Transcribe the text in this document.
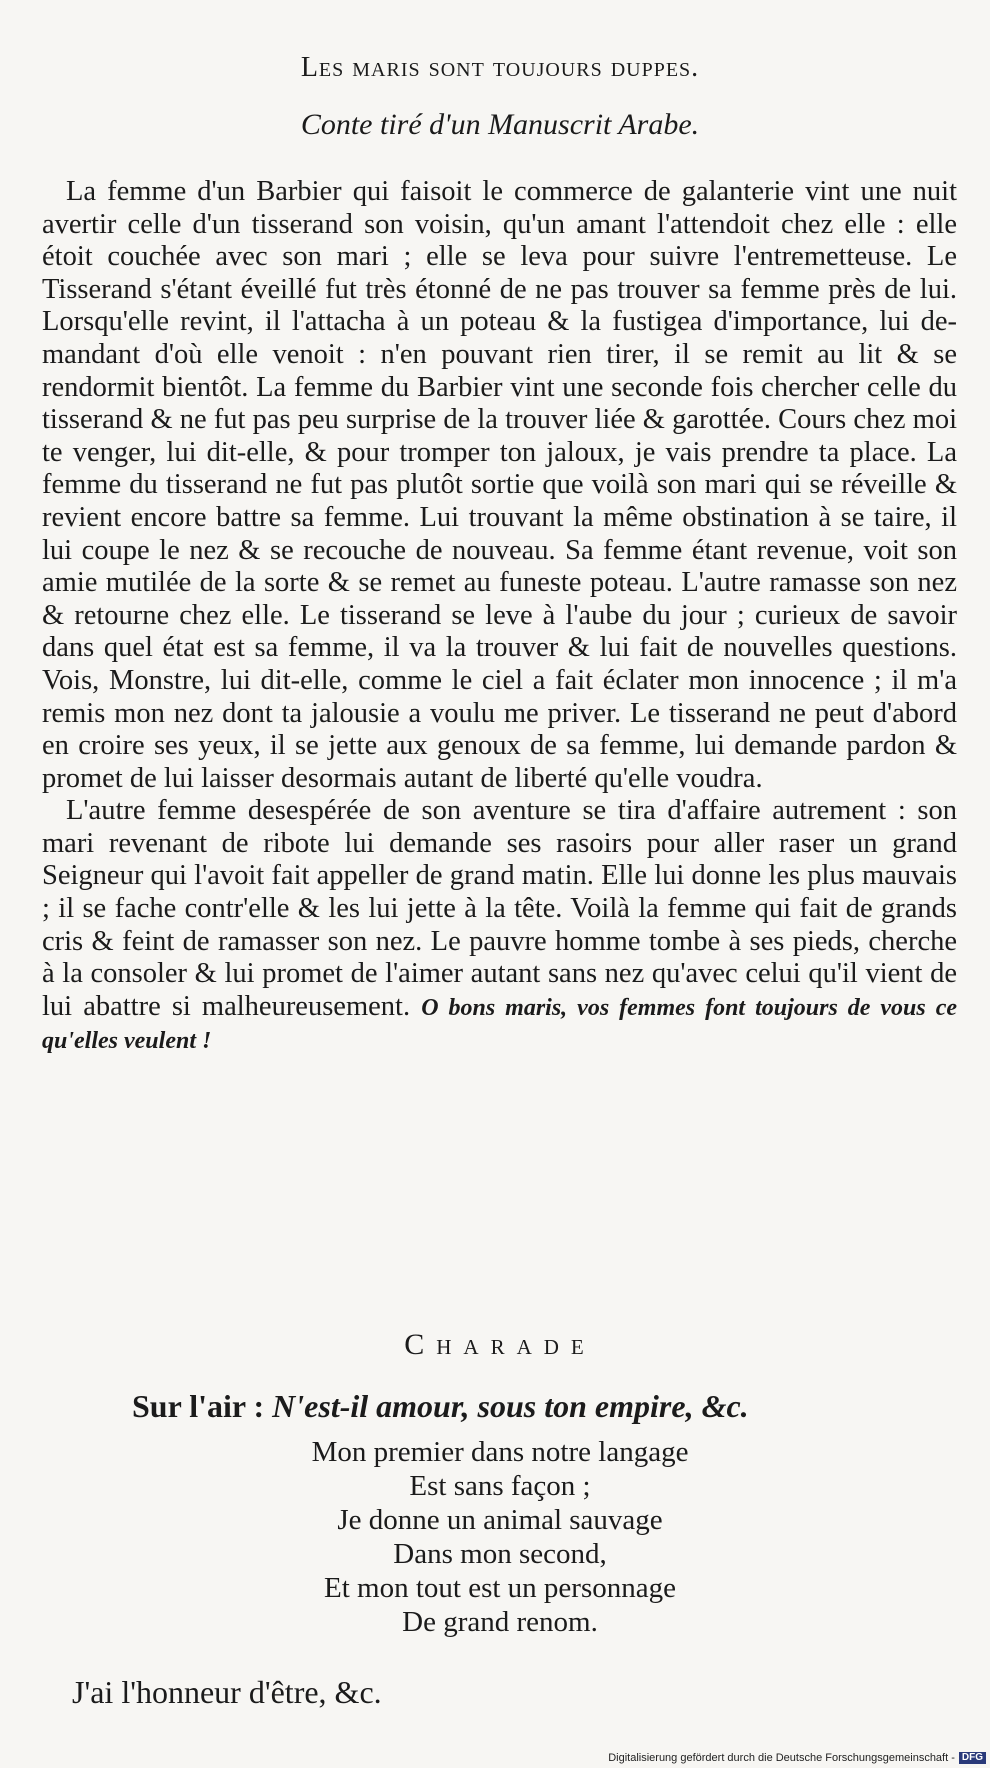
Les maris sont toujours duppes.
Conte tiré d'un Manuscrit Arabe.

La femme d'un Barbier qui faisoit le commerce de galanterie vint une nuit avertir celle d'un tisserand son voisin, qu'un amant l'attendoit chez elle : elle étoit couchée avec son mari ; elle se leva pour suivre l'entremetteuse. Le Tisserand s'étant éveillé fut très étonné de ne pas trouver sa femme près de lui. Lorsqu'elle revint, il l'attacha à un poteau & la fustigea d'importance, lui demandant d'où elle venoit : n'en pouvant rien tirer, il se remit au lit & se rendormit bientôt. La femme du Barbier vint une seconde fois chercher celle du tisserand & ne fut pas peu surprise de la trouver liée & garottée. Cours chez moi te venger, lui dit-elle, & pour tromper ton jaloux, je vais prendre ta place. La femme du tisserand ne fut pas plutôt sortie que voilà son mari qui se réveille & revient encore battre sa femme. Lui trouvant la même obstination à se taire, il lui coupe le nez & se recouche de nouveau. Sa femme étant revenue, voit son amie mutilée de la sorte & se remet au funeste poteau. L'autre ramasse son nez & retourne chez elle. Le tisserand se leve à l'aube du jour ; curieux de savoir dans quel état est sa femme, il va la trouver & lui fait de nouvelles questions. Vois, Monstre, lui dit-elle, comme le ciel a fait éclater mon innocence ; il m'a remis mon nez dont ta jalousie a voulu me priver. Le tisserand ne peut d'abord en croire ses yeux, il se jette aux genoux de sa femme, lui demande pardon & promet de lui laisser desormais autant de liberté qu'elle voudra.

L'autre femme desespérée de son aventure se tira d'affaire autrement : son mari revenant de ribote lui demande ses rasoirs pour aller raser un grand Seigneur qui l'avoit fait appeller de grand matin. Elle lui donne les plus mauvais ; il se fache contr'elle & les lui jette à la tête. Voilà la femme qui fait de grands cris & feint de ramasser son nez. Le pauvre homme tombe à ses pieds, cherche à la consoler & lui promet de l'aimer autant sans nez qu'avec celui qu'il vient de lui abattre si malheureusement. O bons maris, vos femmes font toujours de vous ce qu'elles veulent !

Charade
Sur l'air : N'est-il amour, sous ton empire, &c.
Mon premier dans notre langage
Est sans façon ;
Je donne un animal sauvage
Dans mon second,
Et mon tout est un personnage
De grand renom.
J'ai l'honneur d'être, &c.
Digitalisierung gefördert durch die Deutsche Forschungsgemeinschaft - DFG
